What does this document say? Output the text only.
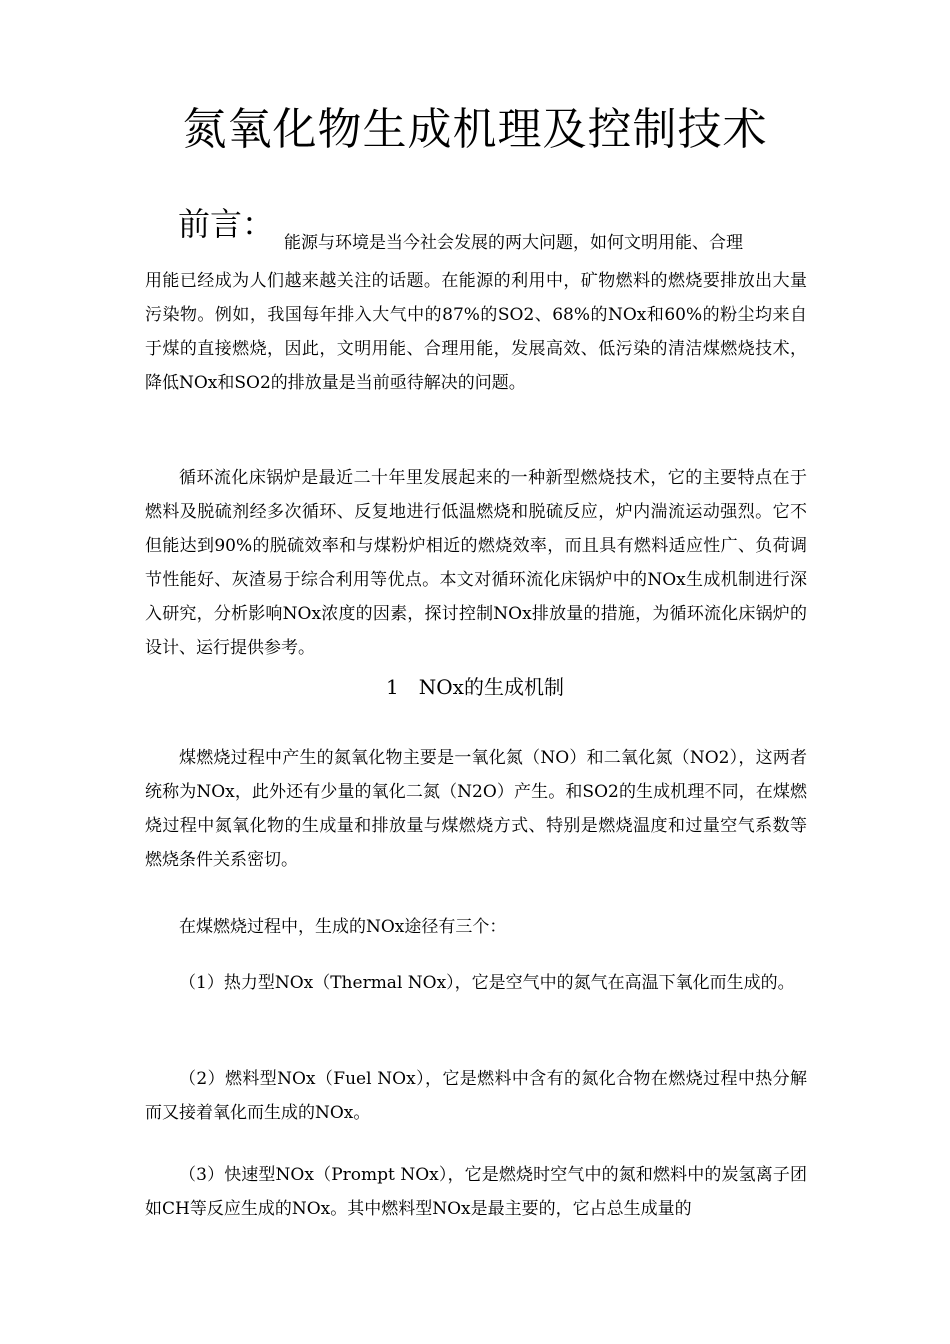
氮氧化物生成机理及控制技术
前言： 能源与环境是当今社会发展的两大问题，如何文明用能、合理

用能已经成为人们越来越关注的话题。在能源的利用中，矿物燃料的燃烧要排放出大量污染物。例如，我国每年排入大气中的87%的SO2、68%的NOx和60%的粉尘均来自于煤的直接燃烧，因此，文明用能、合理用能，发展高效、低污染的清洁煤燃烧技术，降低NOx和SO2的排放量是当前亟待解决的问题。

循环流化床锅炉是最近二十年里发展起来的一种新型燃烧技术，它的主要特点在于燃料及脱硫剂经多次循环、反复地进行低温燃烧和脱硫反应，炉内湍流运动强烈。它不但能达到90%的脱硫效率和与煤粉炉相近的燃烧效率，而且具有燃料适应性广、负荷调节性能好、灰渣易于综合利用等优点。本文对循环流化床锅炉中的NOx生成机制进行深入研究，分析影响NOx浓度的因素，探讨控制NOx排放量的措施，为循环流化床锅炉的设计、运行提供参考。

1　NOx的生成机制

煤燃烧过程中产生的氮氧化物主要是一氧化氮（NO）和二氧化氮（NO2），这两者统称为NOx，此外还有少量的氧化二氮（N2O）产生。和SO2的生成机理不同，在煤燃烧过程中氮氧化物的生成量和排放量与煤燃烧方式、特别是燃烧温度和过量空气系数等燃烧条件关系密切。

在煤燃烧过程中，生成的NOx途径有三个：

（1）热力型NOx（Thermal NOx），它是空气中的氮气在高温下氧化而生成的。

（2）燃料型NOx（Fuel NOx），它是燃料中含有的氮化合物在燃烧过程中热分解而又接着氧化而生成的NOx。

（3）快速型NOx（Prompt NOx），它是燃烧时空气中的氮和燃料中的炭氢离子团如CH等反应生成的NOx。其中燃料型NOx是最主要的，它占总生成量的
